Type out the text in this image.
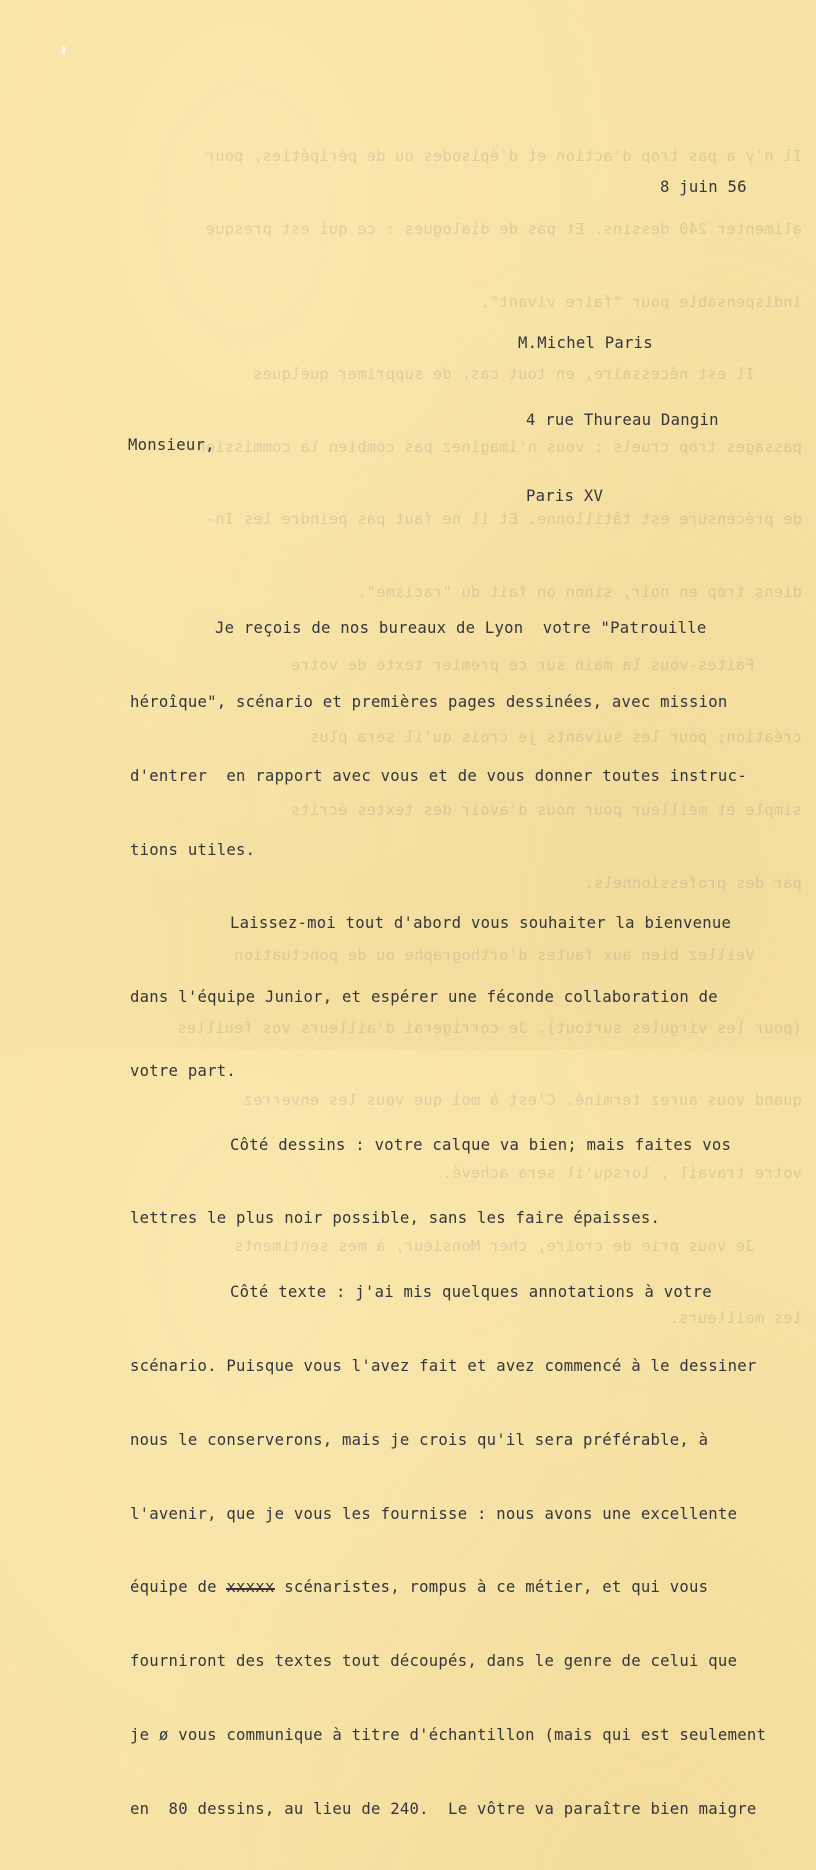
Il n'y a pas trop d'action et d'épisodes ou de péripéties, pour

alimenter 240 dessins. Et pas de dialogues : ce qui est presque

indispensable pour "faire vivant".

Il est nécessaire, en tout cas, de supprimer quelques

passages trop cruels : vous n'imaginez pas combien la commission

de précensure est tâtillonne. Et il ne faut pas peindre les In-

diens trop en noir, sinon on fait du "racisme".

Faites-vous la main sur ce premier texte de votre

création; pour les suivants je crois qu'il sera plus

simple et meilleur pour nous d'avoir des textes écrits

par des professionnels.

Veillez bien aux fautes d'orthographe ou de ponctuation

(pour les virgules surtout). Je corrigerai d'ailleurs vos feuilles

quand vous aurez terminé. C'est à moi que vous les enverrez

votre travail , lorsqu'il sera achevé.

Je vous prie de croire, cher Monsieur, à mes sentiments

les meilleurs.

8 juin 56

M.Michel Paris

4 rue Thureau Dangin

Paris XV

Monsieur,

Je reçois de nos bureaux de Lyon  votre "Patrouille

héroîque", scénario et premières pages dessinées, avec mission

d'entrer  en rapport avec vous et de vous donner toutes instruc-

tions utiles.

Laissez-moi tout d'abord vous souhaiter la bienvenue

dans l'équipe Junior, et espérer une féconde collaboration de

votre part.

Côté dessins : votre calque va bien; mais faites vos

lettres le plus noir possible, sans les faire épaisses.

Côté texte : j'ai mis quelques annotations à votre

scénario. Puisque vous l'avez fait et avez commencé à le dessiner

nous le conserverons, mais je crois qu'il sera préférable, à

l'avenir, que je vous les fournisse : nous avons une excellente

équipe de xxxxx scénaristes, rompus à ce métier, et qui vous

fourniront des textes tout découpés, dans le genre de celui que

je ø vous communique à titre d'échantillon (mais qui est seulement

en  80 dessins, au lieu de 240.  Le vôtre va paraître bien maigre
